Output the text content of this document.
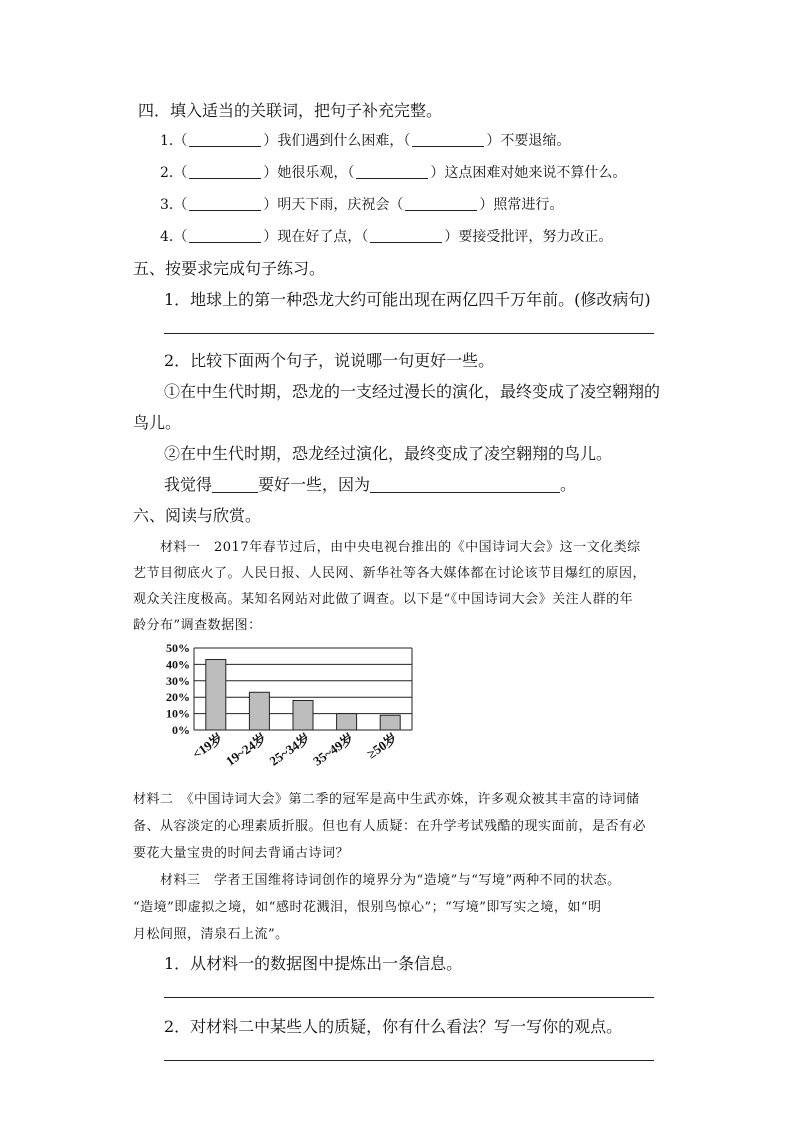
四．填入适当的关联词，把句子补充完整。
1.（	）我们遇到什么困难，（	）不要退缩。
2.（	）她很乐观，（	）这点困难对她来说不算什么。
3.（	）明天下雨，庆祝会（	）照常进行。
4.（	）现在好了点，（	）要接受批评，努力改正。
五、按要求完成句子练习。
1．地球上的第一种恐龙大约可能出现在两亿四千万年前。(修改病句)
2．比较下面两个句子，说说哪一句更好一些。
①在中生代时期，恐龙的一支经过漫长的演化，最终变成了凌空翱翔的
鸟儿。
②在中生代时期，恐龙经过演化，最终变成了凌空翱翔的鸟儿。
我觉得	要好一些，因为	。
六、阅读与欣赏。
材料一　2017年春节过后，由中央电视台推出的《中国诗词大会》这一文化类综
艺节目彻底火了。人民日报、人民网、新华社等各大媒体都在讨论该节目爆红的原因，
观众关注度极高。某知名网站对此做了调查。以下是“《中国诗词大会》关注人群的年
龄分布”调查数据图：
0%
10%
20%
30%
40%
50%
<19岁
19~24岁
25~34岁
35~49岁 ≥50岁
材料二　《中国诗词大会》第二季的冠军是高中生武亦姝，许多观众被其丰富的诗词储
备、从容淡定的心理素质折服。但也有人质疑：在升学考试残酷的现实面前，是否有必
要花大量宝贵的时间去背诵古诗词？
材料三　学者王国维将诗词创作的境界分为“造境”与“写境”两种不同的状态。
“造境”即虚拟之境，如“感时花溅泪，恨别鸟惊心”；“写境”即写实之境，如“明
月松间照，清泉石上流”。
1．从材料一的数据图中提炼出一条信息。
2．对材料二中某些人的质疑，你有什么看法？写一写你的观点。
